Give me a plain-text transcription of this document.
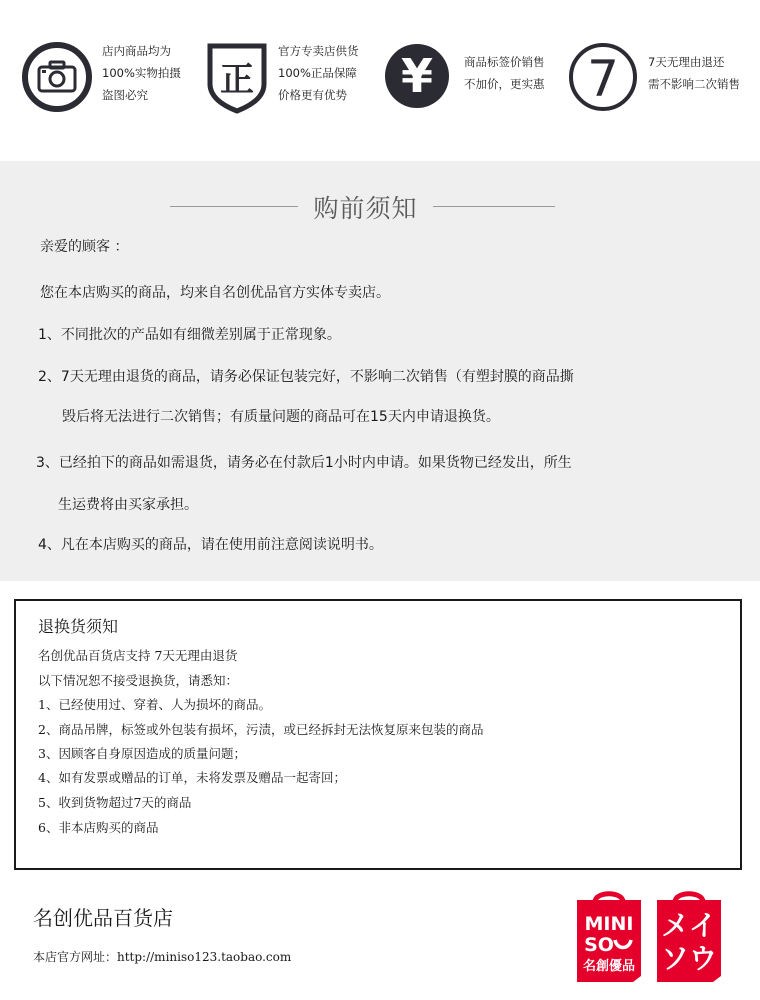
店内商品均为
100%实物拍摄
盗图必究	正
官方专卖店供货
100%正品保障
价格更有优势 ¥	商品标签价销售
不加价，更实惠 7	7天无理由退还
需不影响二次销售
购前须知
亲爱的顾客 ：
您在本店购买的商品，均来自名创优品官方实体专卖店。
1、不同批次的产品如有细微差别属于正常现象。
2、7天无理由退货的商品，请务必保证包装完好，不影响二次销售（有塑封膜的商品撕
毁后将无法进行二次销售；有质量问题的商品可在15天内申请退换货。
3、已经拍下的商品如需退货，请务必在付款后1小时内申请。如果货物已经发出，所生
生运费将由买家承担。
4、凡在本店购买的商品，请在使用前注意阅读说明书。
退换货须知
名创优品百货店支持 7天无理由退货
以下情况恕不接受退换货，请悉知：
1、已经使用过、穿着、人为损坏的商品。
2、商品吊牌，标签或外包装有损坏，污渍，或已经拆封无法恢复原来包装的商品
3、因顾客自身原因造成的质量问题；
4、如有发票或赠品的订单，未将发票及赠品一起寄回；
5、收到货物超过7天的商品
6、非本店购买的商品
名创优品百货店
本店官方网址：http://miniso123.taobao.com
MINI
SO
名創優品
メイ
ソウ
